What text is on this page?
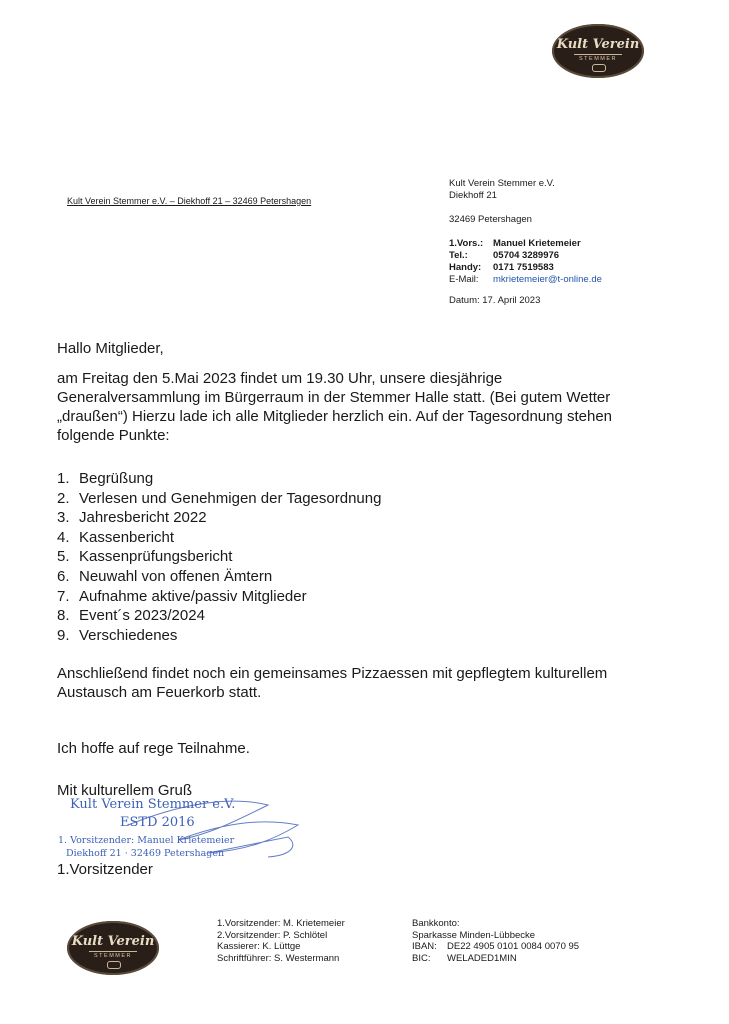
Kult Verein
STEMMER
Kult Verein Stemmer e.V. – Diekhoff 21 – 32469 Petershagen
Kult Verein Stemmer e.V.
Diekhoff 21
32469 Petershagen
1.Vors.:	Manuel Krietemeier
Tel.:	05704 3289976
Handy:	0171 7519583
E-Mail:	mkrietemeier@t-online.de
Datum:
17. April 2023
Hallo Mitglieder,
am Freitag den 5.Mai 2023 findet um 19.30 Uhr, unsere diesjährige Generalversammlung im Bürgerraum in der Stemmer Halle statt. (Bei gutem Wetter „draußen“) Hierzu lade ich alle Mitglieder herzlich ein. Auf der Tagesordnung stehen folgende Punkte:
1. Begrüßung
2. Verlesen und Genehmigen der Tagesordnung
3. Jahresbericht 2022
4. Kassenbericht
5. Kassenprüfungsbericht
6. Neuwahl von offenen Ämtern
7. Aufnahme aktive/passiv Mitglieder
8. Event´s 2023/2024
9. Verschiedenes
Anschließend findet noch ein gemeinsames Pizzaessen mit gepflegtem kulturellem Austausch am Feuerkorb statt.
Ich hoffe auf rege Teilnahme.
Mit kulturellem Gruß
Kult Verein Stemmer e.V.
ESTD 2016
1. Vorsitzender: Manuel Krietemeier
Diekhoff 21 · 32469 Petershagen
1.Vorsitzender
Kult Verein
STEMMER
1.Vorsitzender: M. Krietemeier
2.Vorsitzender: P. Schlötel
Kassierer: K. Lüttge
Schriftführer: S. Westermann
Bankkonto:
Sparkasse Minden-Lübbecke
IBAN:	DE22 4905 0101 0084 0070 95
BIC:	WELADED1MIN
